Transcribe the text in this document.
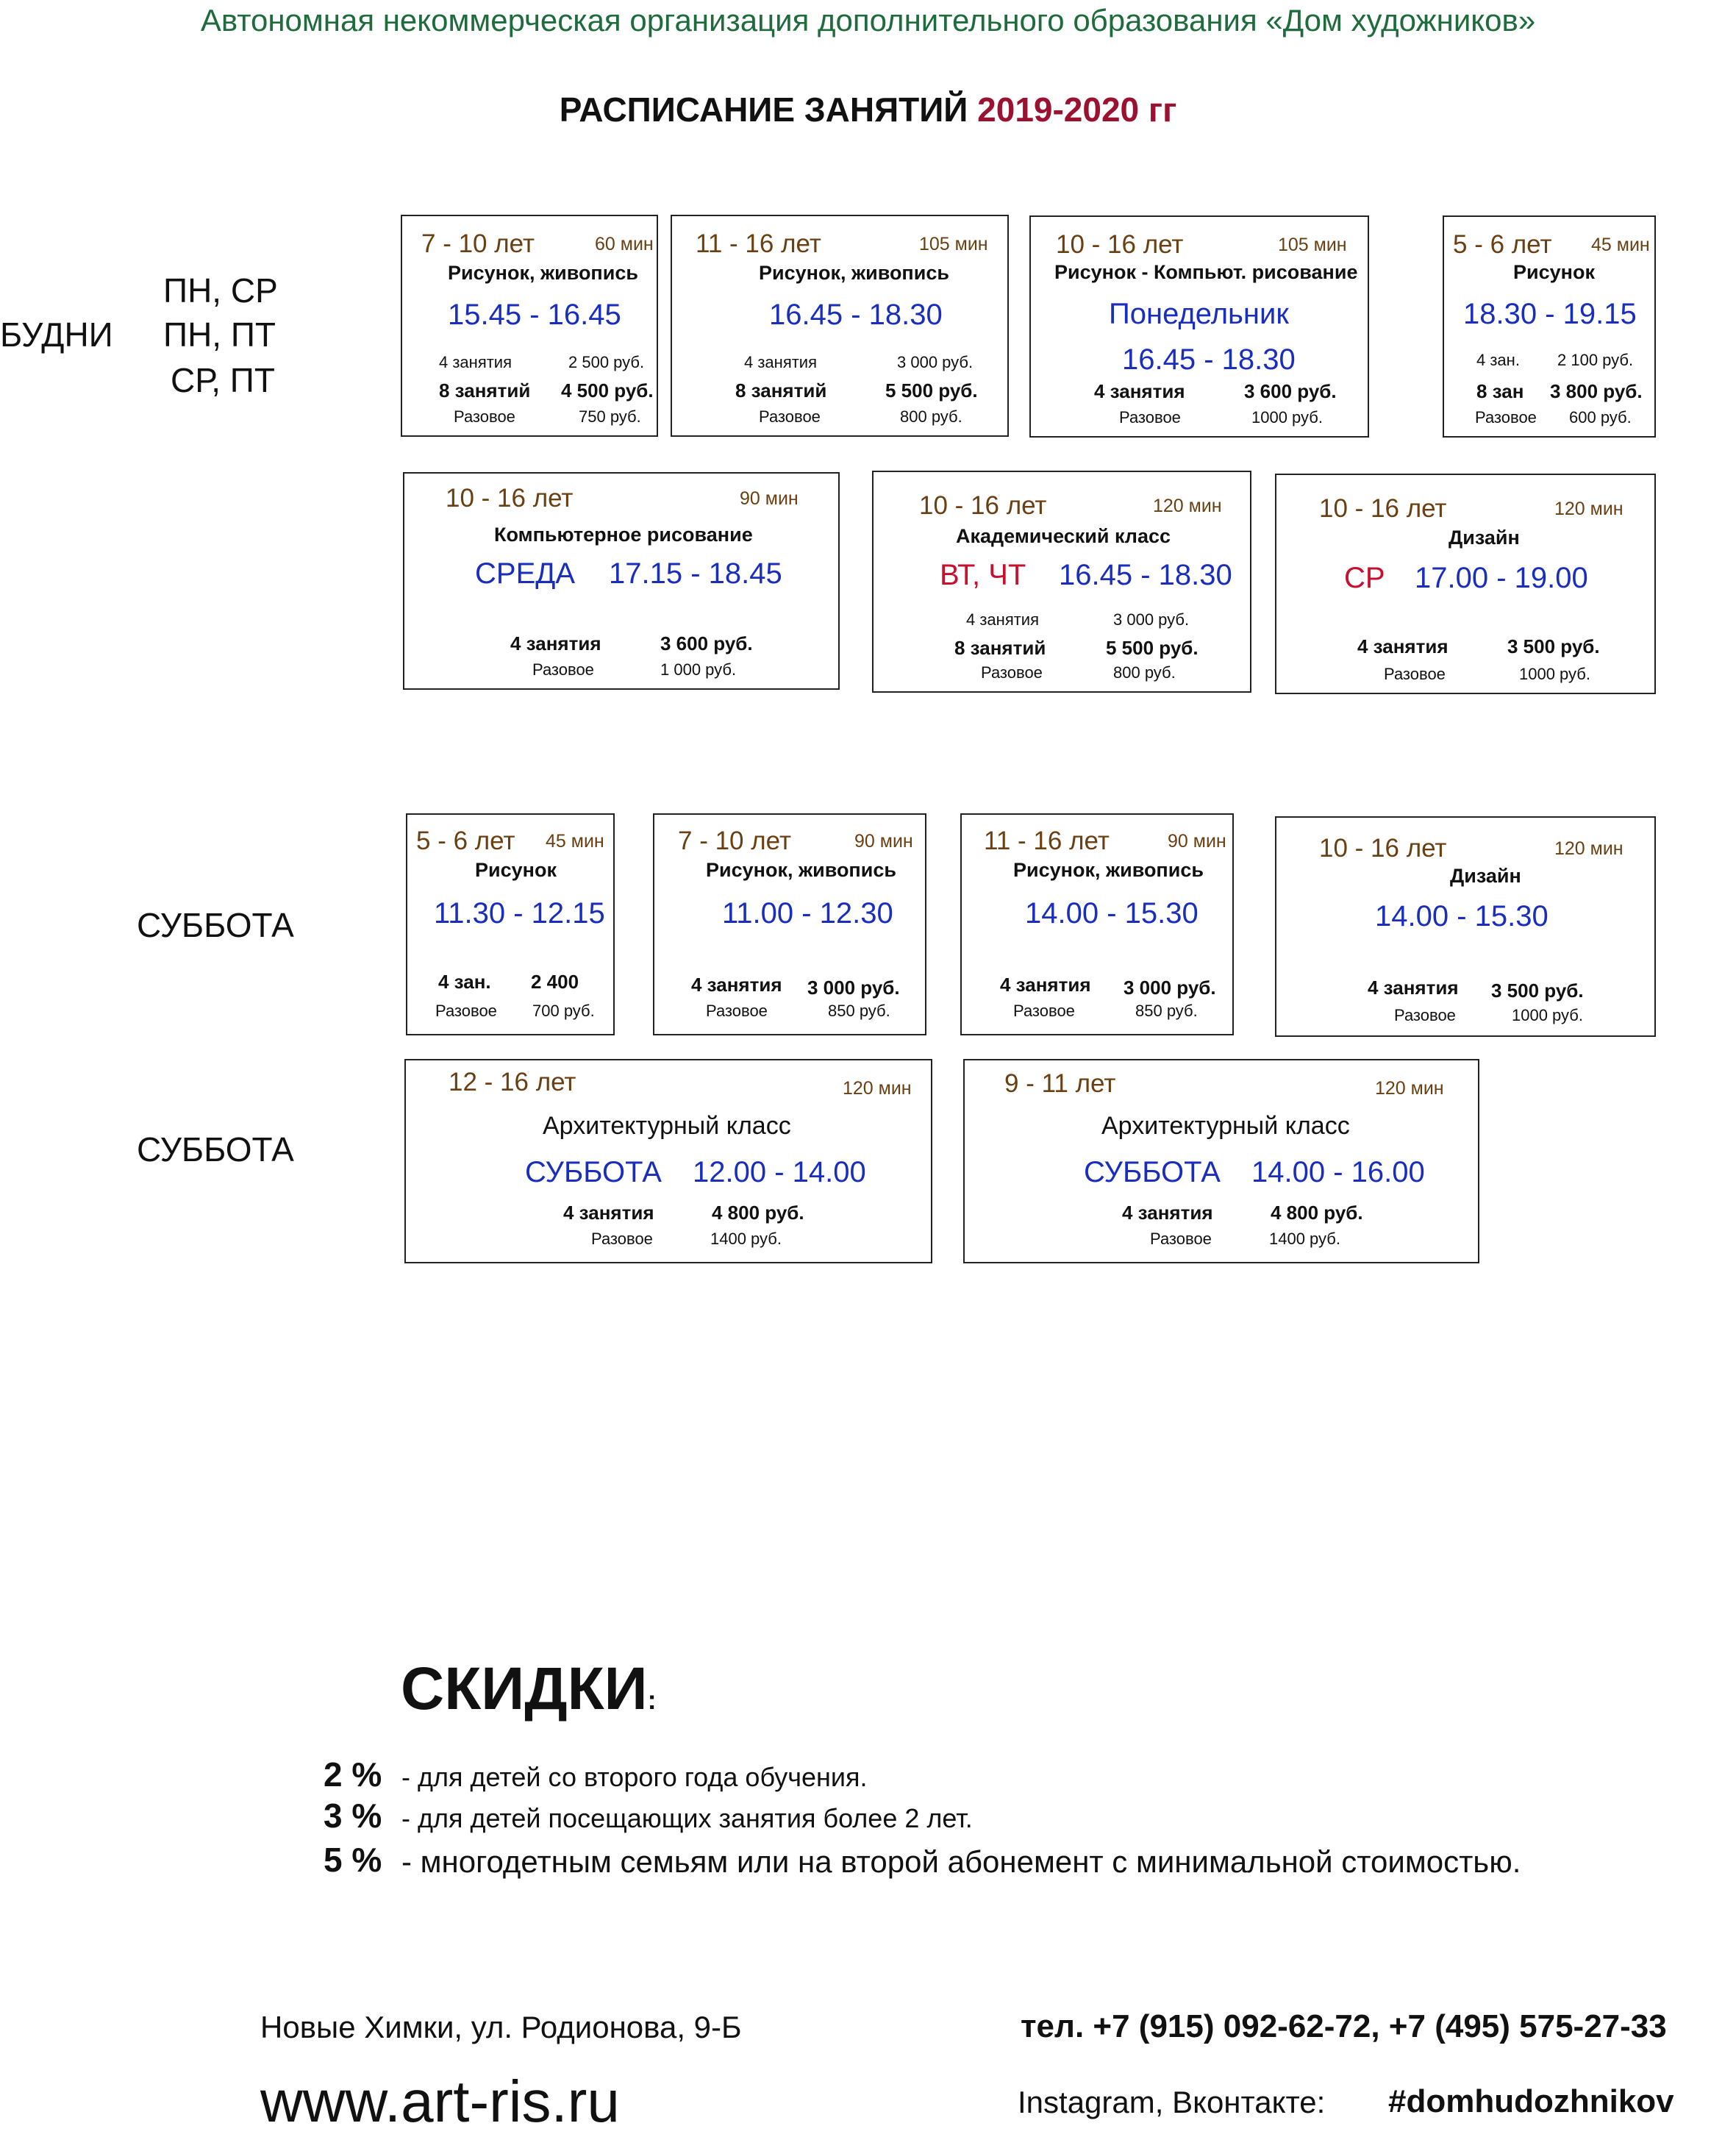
Автономная некоммерческая организация дополнительного образования «Дом художников»
РАСПИСАНИЕ ЗАНЯТИЙ 2019-2020 гг
БУДНИ
ПН, СР
ПН, ПТ
СР, ПТ
СУББОТА
СУББОТА
7 - 10 лет	60 мин
Рисунок, живопись
15.45 - 16.45
4 занятия	2 500 руб.
8 занятий 4 500 руб.
Разовое	750 руб.
11 - 16 лет	105 мин
Рисунок, живопись
16.45 - 18.30
4 занятия	3 000 руб.
8 занятий	5 500 руб.
Разовое	800 руб.
10 - 16 лет	105 мин
Рисунок - Компьют. рисование
Понедельник
16.45 - 18.30
4 занятия	3 600 руб.
Разовое	1000 руб.
5 - 6 лет 45 мин
Рисунок
18.30 - 19.15
4 зан. 2 100 руб.
8 зан 3 800 руб.
Разовое 600 руб.
10 - 16 лет	90 мин
Компьютерное рисование
СРЕДА 17.15 - 18.45
4 занятия	3 600 руб.
Разовое	1 000 руб.
10 - 16 лет	120 мин
Академический класс
ВТ, ЧТ 16.45 - 18.30
4 занятия	3 000 руб.
8 занятий	5 500 руб.
Разовое	800 руб.
10 - 16 лет	120 мин
Дизайн
СР 17.00 - 19.00
4 занятия	3 500 руб.
Разовое	1000 руб.
5 - 6 лет 45 мин
Рисунок
11.30 - 12.15
4 зан. 2 400
Разовое 700 руб.
7 - 10 лет	90 мин
Рисунок, живопись
11.00 - 12.30
4 занятия 3 000 руб.
Разовое	850 руб.
11 - 16 лет	90 мин
Рисунок, живопись
14.00 - 15.30
4 занятия 3 000 руб.
Разовое	850 руб.
10 - 16 лет	120 мин
Дизайн
14.00 - 15.30
4 занятия 3 500 руб.
Разовое	1000 руб.
12 - 16 лет	120 мин
Архитектурный класс
СУББОТА 12.00 - 14.00
4 занятия	4 800 руб.
Разовое	1400 руб.
9 - 11 лет	120 мин
Архитектурный класс
СУББОТА 14.00 - 16.00
4 занятия	4 800 руб.
Разовое	1400 руб.
СКИДКИ:
2 % - для детей со второго года обучения.
3 % - для детей посещающих занятия более 2 лет.
5 % - многодетным семьям или на второй абонемент с минимальной стоимостью.
Новые Химки, ул. Родионова, 9-Б	тел. +7 (915) 092-62-72, +7 (495) 575-27-33
www.art-ris.ru	Instagram, Вконтакте: #domhudozhnikov
